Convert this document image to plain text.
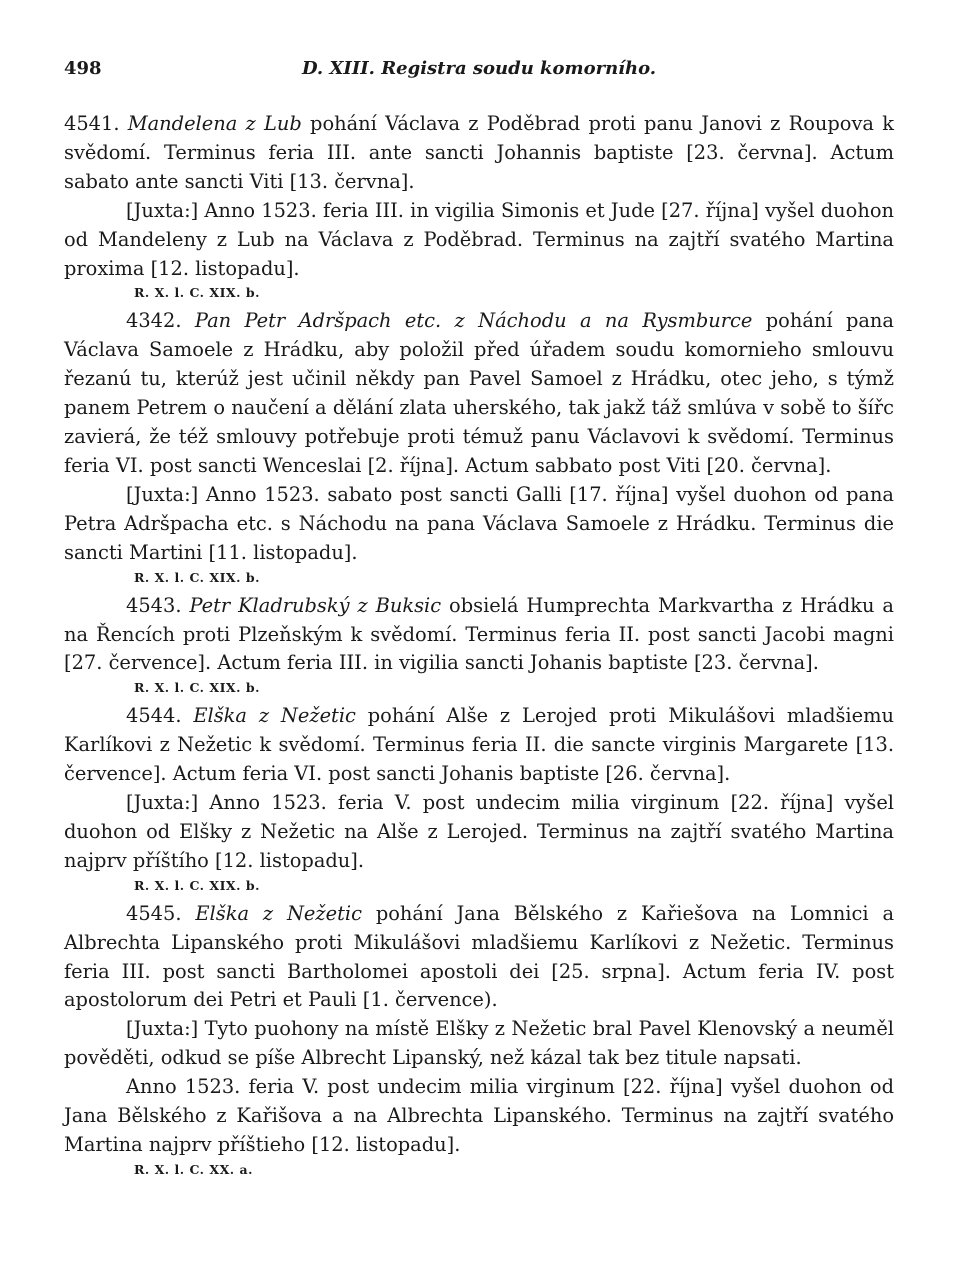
498	D. XIII. Registra soudu komorního.

4541. Mandelena z Lub pohání Václava z Poděbrad proti panu Janovi z Roupova k svědomí. Terminus feria III. ante sancti Johannis baptiste [23. června]. Actum sabato ante sancti Viti [13. června].

[Juxta:] Anno 1523. feria III. in vigilia Simonis et Jude [27. října] vyšel duohon od Mandeleny z Lub na Václava z Poděbrad. Terminus na zajtří svatého Martina proxima [12. listopadu].

R. X. l. C. XIX. b.

4342. Pan Petr Adršpach etc. z Náchodu a na Rysmburce pohání pana Václava Samoele z Hrádku, aby položil před úřadem soudu komornieho smlouvu řezanú tu, kterúž jest učinil někdy pan Pavel Samoel z Hrádku, otec jeho, s týmž panem Petrem o naučení a dělání zlata uherského, tak jakž táž smlúva v sobě to šířc zavierá, že též smlouvy potřebuje proti témuž panu Václavovi k svědomí. Terminus feria VI. post sancti Wenceslai [2. října]. Actum sabbato post Viti [20. června].

[Juxta:] Anno 1523. sabato post sancti Galli [17. října] vyšel duohon od pana Petra Adršpacha etc. s Náchodu na pana Václava Samoele z Hrádku. Terminus die sancti Martini [11. listopadu].

R. X. l. C. XIX. b.

4543. Petr Kladrubský z Buksic obsielá Humprechta Markvartha z Hrádku a na Řencích proti Plzeňským k svědomí. Terminus feria II. post sancti Jacobi magni [27. července]. Actum feria III. in vigilia sancti Johanis baptiste [23. června].

R. X. l. C. XIX. b.

4544. Elška z Nežetic pohání Alše z Lerojed proti Mikulášovi mladšiemu Karlíkovi z Nežetic k svědomí. Terminus feria II. die sancte virginis Margarete [13. července]. Actum feria VI. post sancti Johanis baptiste [26. června].

[Juxta:] Anno 1523. feria V. post undecim milia virginum [22. října] vyšel duohon od Elšky z Nežetic na Alše z Lerojed. Terminus na zajtří svatého Martina najprv příštího [12. listopadu].

R. X. l. C. XIX. b.

4545. Elška z Nežetic pohání Jana Bělského z Kařiešova na Lomnici a Albrechta Lipanského proti Mikulášovi mladšiemu Karlíkovi z Nežetic. Terminus feria III. post sancti Bartholomei apostoli dei [25. srpna]. Actum feria IV. post apostolorum dei Petri et Pauli [1. července).

[Juxta:] Tyto puohony na místě Elšky z Nežetic bral Pavel Klenovský a neuměl pověděti, odkud se píše Albrecht Lipanský, než kázal tak bez titule napsati.

Anno 1523. feria V. post undecim milia virginum [22. října] vyšel duohon od Jana Bělského z Kařišova a na Albrechta Lipanského. Terminus na zajtří svatého Martina najprv příštieho [12. listopadu].

R. X. l. C. XX. a.
